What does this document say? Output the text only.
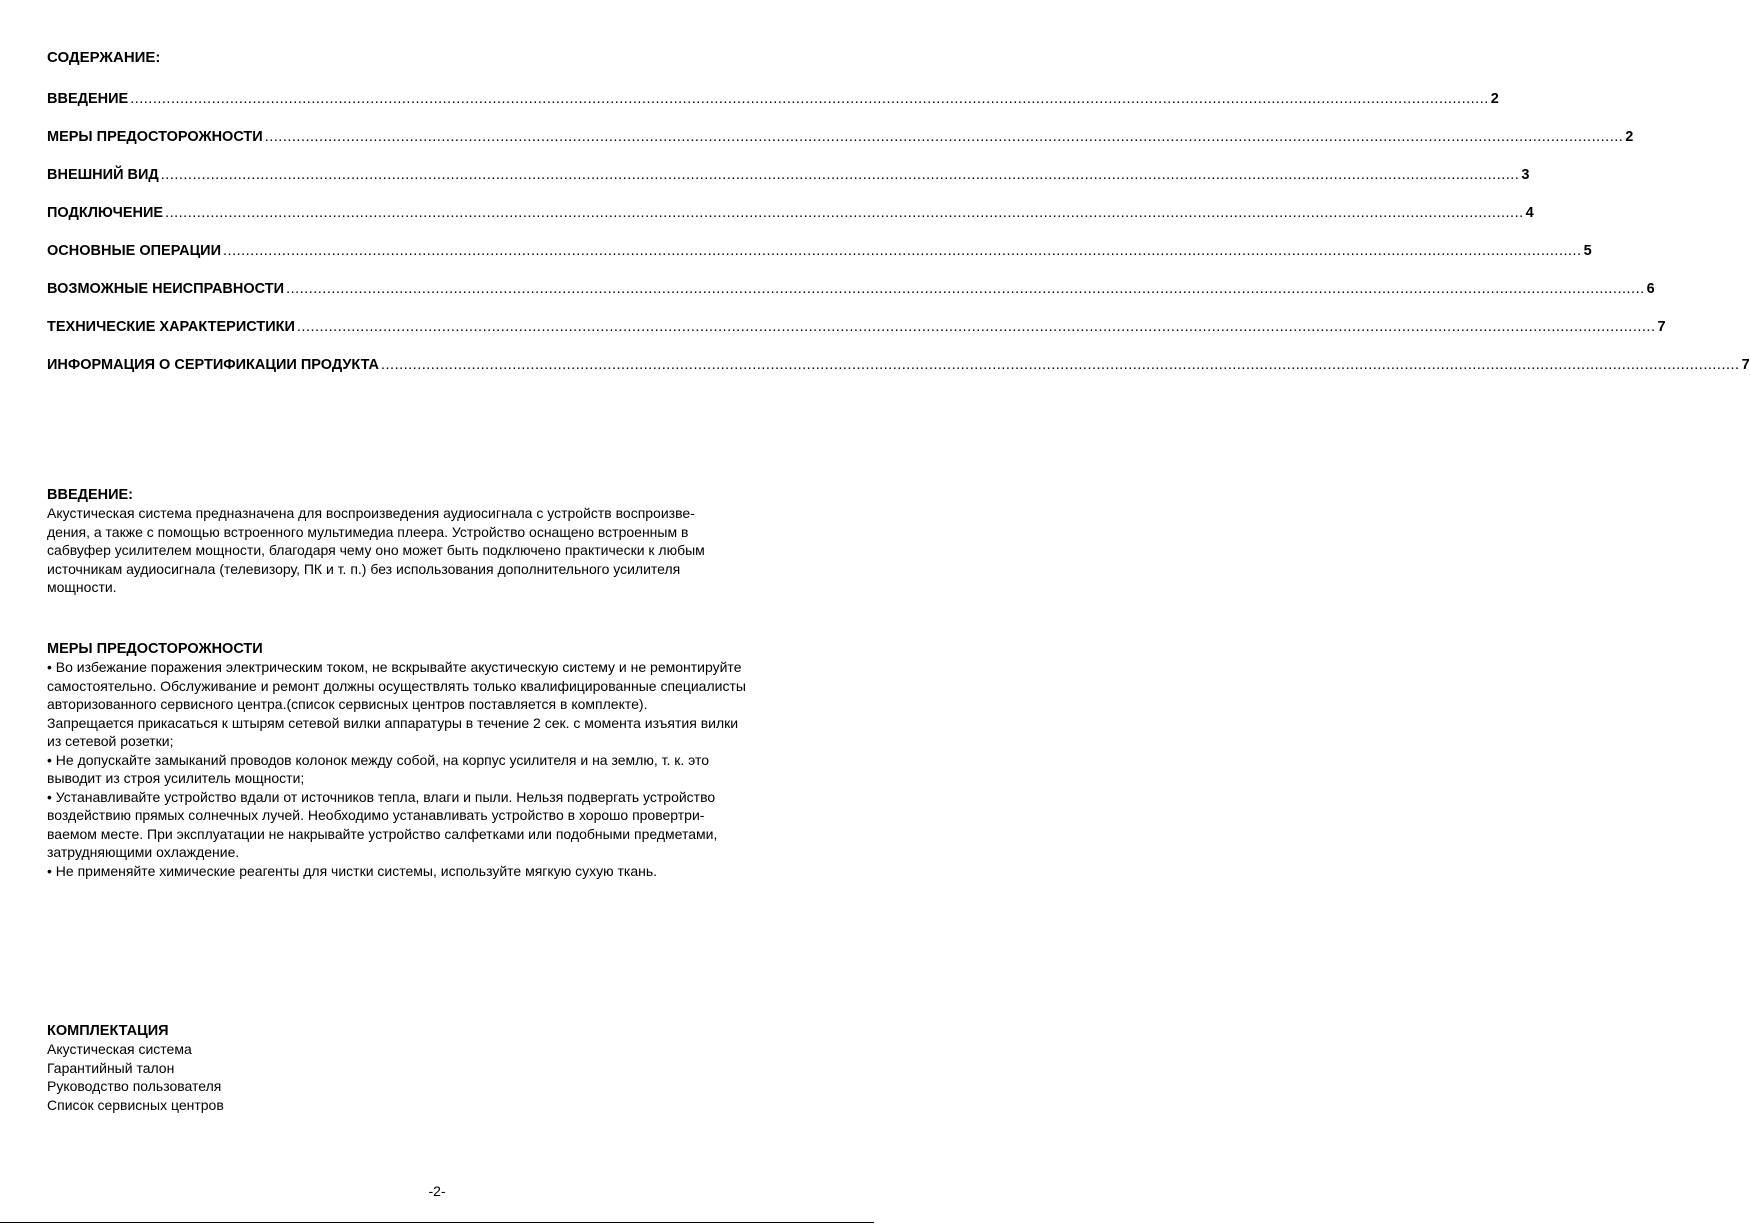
СОДЕРЖАНИЕ:
ВВЕДЕНИЕ ............................................................................................................................................................................................................................................................................................................ 2
МЕРЫ ПРЕДОСТОРОЖНОСТИ ............................................................................................................................................................................................................................................................................................................ 2
ВНЕШНИЙ ВИД ............................................................................................................................................................................................................................................................................................................ 3
ПОДКЛЮЧЕНИЕ ............................................................................................................................................................................................................................................................................................................ 4
ОСНОВНЫЕ ОПЕРАЦИИ ............................................................................................................................................................................................................................................................................................................ 5
ВОЗМОЖНЫЕ НЕИСПРАВНОСТИ ............................................................................................................................................................................................................................................................................................................ 6
ТЕХНИЧЕСКИЕ ХАРАКТЕРИСТИКИ ............................................................................................................................................................................................................................................................................................................ 7
ИНФОРМАЦИЯ О СЕРТИФИКАЦИИ ПРОДУКТА ............................................................................................................................................................................................................................................................................................................ 7
ВВЕДЕНИЕ:
Акустическая система предназначена для воспроизведения аудиосигнала с устройств воспроизве-
дения, а также с помощью встроенного мультимедиа плеера. Устройство оснащено встроенным в
сабвуфер усилителем мощности, благодаря чему оно может быть подключено практически к любым
источникам аудиосигнала (телевизору, ПК и т. п.) без использования дополнительного усилителя
мощности.
МЕРЫ ПРЕДОСТОРОЖНОСТИ
• Во избежание поражения электрическим током, не вскрывайте акустическую систему и не ремонтируйте
самостоятельно. Обслуживание и ремонт должны осуществлять только квалифицированные специалисты
авторизованного сервисного центра.(список сервисных центров поставляется в комплекте).
Запрещается прикасаться к штырям сетевой вилки аппаратуры в течение 2 сек. с момента изъятия вилки
из сетевой розетки;
• Не допускайте замыканий проводов колонок между собой, на корпус усилителя и на землю, т. к. это
выводит из строя усилитель мощности;
• Устанавливайте устройство вдали от источников тепла, влаги и пыли. Нельзя подвергать устройство
воздействию прямых солнечных лучей. Необходимо устанавливать устройство в хорошо провертри-
ваемом месте. При эксплуатации не накрывайте устройство салфетками или подобными предметами,
затрудняющими охлаждение.
• Не применяйте химические реагенты для чистки системы, используйте мягкую сухую ткань.
КОМПЛЕКТАЦИЯ
Акустическая система
Гарантийный талон
Руководство пользователя
Список сервисных центров
-2-
